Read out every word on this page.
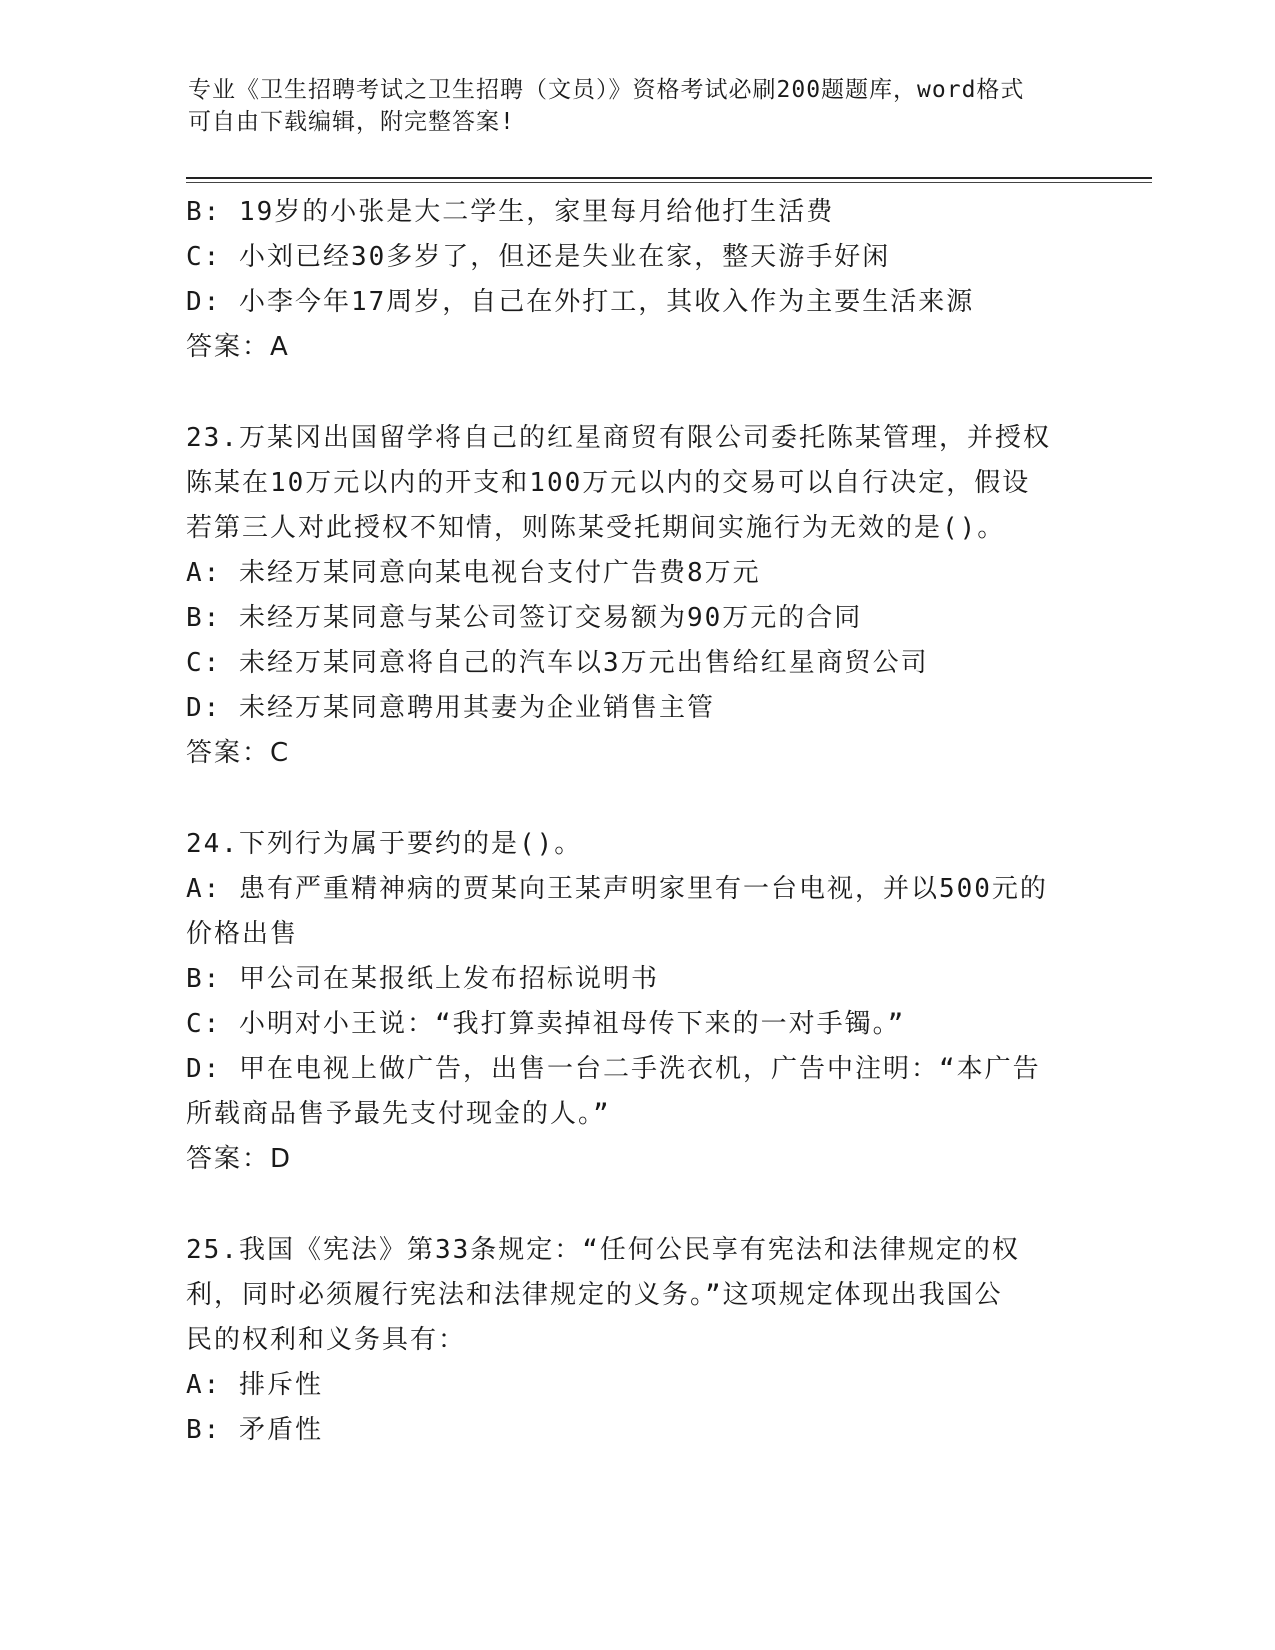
专业《卫生招聘考试之卫生招聘（文员）》资格考试必刷200题题库，word格式
可自由下载编辑，附完整答案!
B: 19岁的小张是大二学生，家里每月给他打生活费
C: 小刘已经30多岁了，但还是失业在家，整天游手好闲
D: 小李今年17周岁，自己在外打工，其收入作为主要生活来源
答案：A
23.万某冈出国留学将自己的红星商贸有限公司委托陈某管理，并授权
陈某在10万元以内的开支和100万元以内的交易可以自行决定，假设
若第三人对此授权不知情，则陈某受托期间实施行为无效的是()。
A: 未经万某同意向某电视台支付广告费8万元
B: 未经万某同意与某公司签订交易额为90万元的合同
C: 未经万某同意将自己的汽车以3万元出售给红星商贸公司
D: 未经万某同意聘用其妻为企业销售主管
答案：C
24.下列行为属于要约的是()。
A: 患有严重精神病的贾某向王某声明家里有一台电视，并以500元的
价格出售
B: 甲公司在某报纸上发布招标说明书
C: 小明对小王说：“我打算卖掉祖母传下来的一对手镯。”
D: 甲在电视上做广告，出售一台二手洗衣机，广告中注明：“本广告
所载商品售予最先支付现金的人。”
答案：D
25.我国《宪法》第33条规定：“任何公民享有宪法和法律规定的权
利，同时必须履行宪法和法律规定的义务。”这项规定体现出我国公
民的权利和义务具有：
A: 排斥性
B: 矛盾性
